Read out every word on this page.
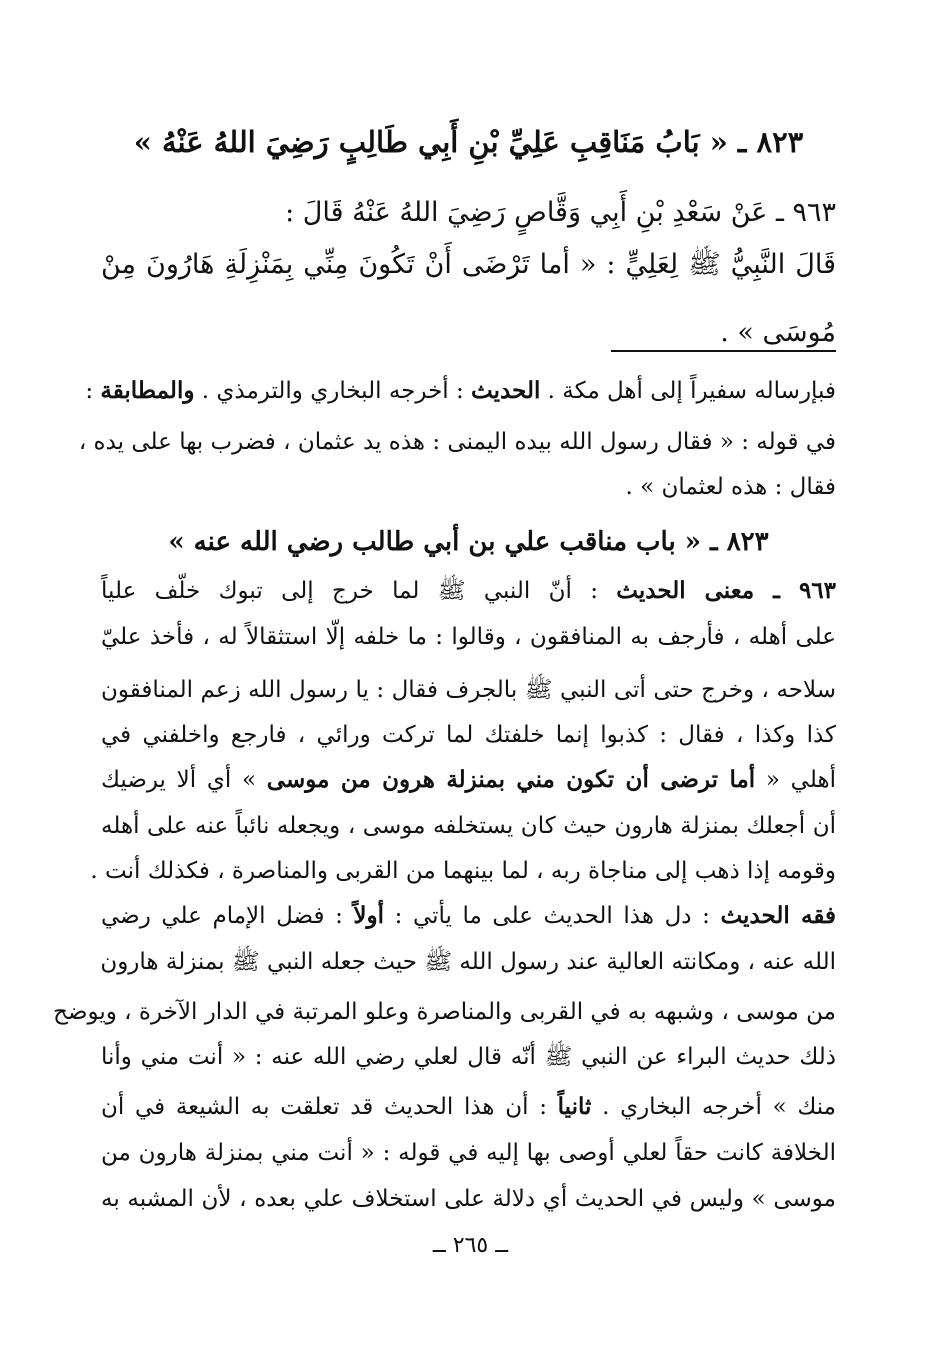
٨٢٣ ـ « بَابُ مَنَاقِبِ عَلِيِّ بْنِ أَبِي طَالِبٍ رَضِيَ اللهُ عَنْهُ »
٩٦٣ ـ عَنْ سَعْدِ بْنِ أَبِي وَقَّاصٍ رَضِيَ اللهُ عَنْهُ قَالَ :
قَالَ النَّبِيُّ ﷺ لِعَلِيٍّ : « أما تَرْضَى أَنْ تَكُونَ مِنِّي بِمَنْزِلَةِ هَارُونَ مِنْ
مُوسَى » .
فبإرساله سفيراً إلى أهل مكة . الحديث : أخرجه البخاري والترمذي . والمطابقة :
في قوله : « فقال رسول الله بيده اليمنى : هذه يد عثمان ، فضرب بها على يده ،
فقال : هذه لعثمان » .
٨٢٣ ـ « باب مناقب علي بن أبي طالب رضي الله عنه »
٩٦٣ ـ معنى الحديث : أنّ النبي ﷺ لما خرج إلى تبوك خلّف علياً
على أهله ، فأرجف به المنافقون ، وقالوا : ما خلفه إلّا استثقالاً له ، فأخذ عليّ
سلاحه ، وخرج حتى أتى النبي ﷺ بالجرف فقال : يا رسول الله زعم المنافقون
كذا وكذا ، فقال : كذبوا إنما خلفتك لما تركت ورائي ، فارجع واخلفني في
أهلي « أما ترضى أن تكون مني بمنزلة هرون من موسى » أي ألا يرضيك
أن أجعلك بمنزلة هارون حيث كان يستخلفه موسى ، ويجعله نائباً عنه على أهله
وقومه إذا ذهب إلى مناجاة ربه ، لما بينهما من القربى والمناصرة ، فكذلك أنت .
فقه الحديث : دل هذا الحديث على ما يأتي : أولاً : فضل الإمام علي رضي
الله عنه ، ومكانته العالية عند رسول الله ﷺ حيث جعله النبي ﷺ بمنزلة هارون
من موسى ، وشبهه به في القربى والمناصرة وعلو المرتبة في الدار الآخرة ، ويوضح
ذلك حديث البراء عن النبي ﷺ أنّه قال لعلي رضي الله عنه : « أنت مني وأنا
منك » أخرجه البخاري . ثانياً : أن هذا الحديث قد تعلقت به الشيعة في أن
الخلافة كانت حقاً لعلي أوصى بها إليه في قوله : « أنت مني بمنزلة هارون من
موسى » وليس في الحديث أي دلالة على استخلاف علي بعده ، لأن المشبه به
ــ ٢٦٥ ــ
